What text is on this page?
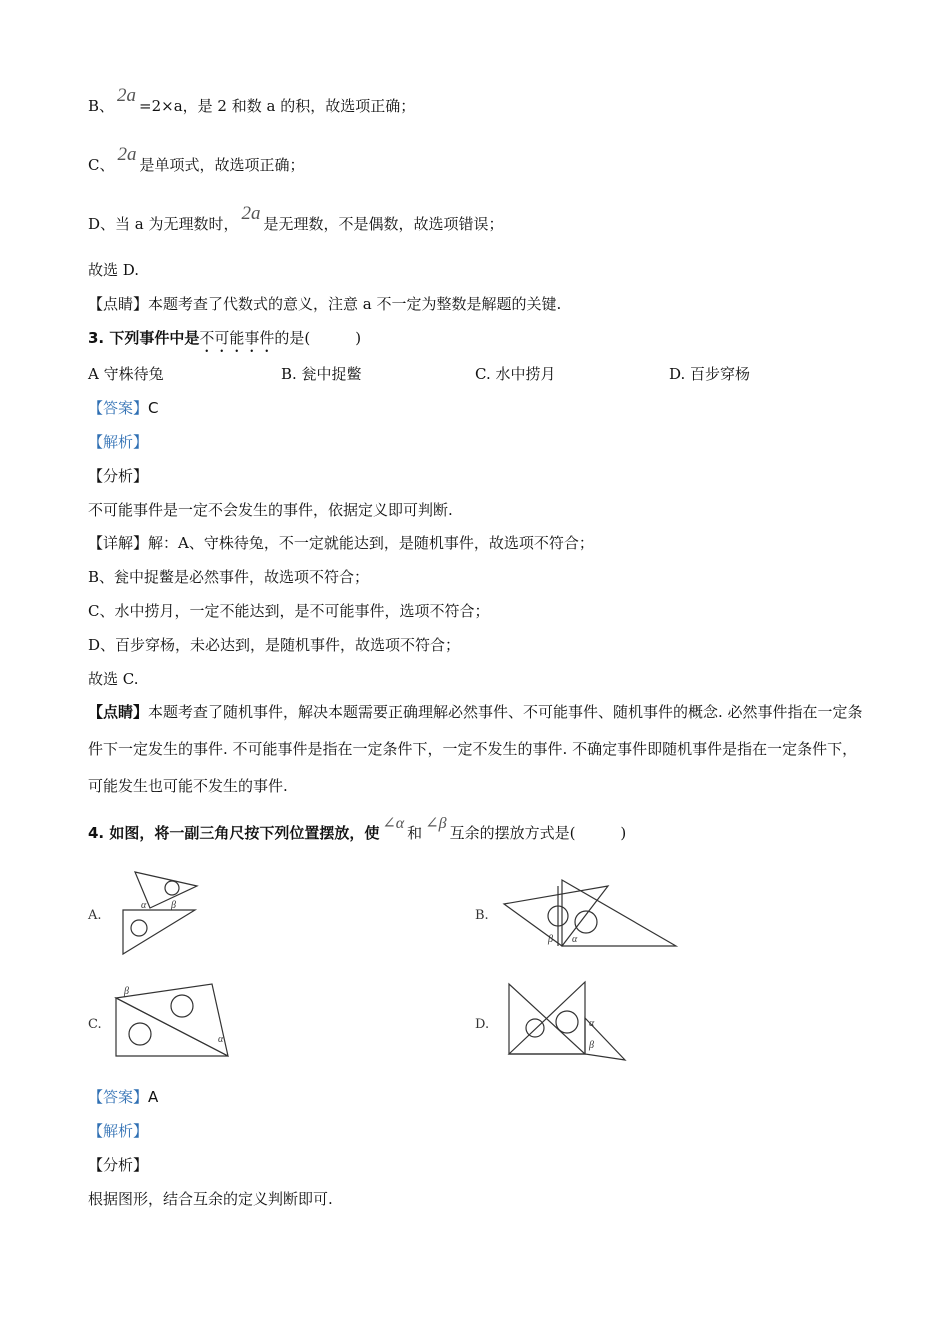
B、 2a =2×a，是 2 和数 a 的积，故选项正确；
C、 2a 是单项式，故选项正确；
D、当 a 为无理数时， 2a 是无理数，不是偶数，故选项错误；
故选 D.
【点睛】本题考查了代数式的意义，注意 a 不一定为整数是解题的关键.
3. 下列事件中是不可能事件的是(　　　)
A 守株待兔	B. 瓮中捉鳖	C. 水中捞月	D. 百步穿杨
【答案】C
【解析】
【分析】
不可能事件是一定不会发生的事件，依据定义即可判断.
【详解】解：A、守株待兔，不一定就能达到，是随机事件，故选项不符合；
B、瓮中捉鳖是必然事件，故选项不符合；
C、水中捞月，一定不能达到，是不可能事件，选项不符合；
D、百步穿杨，未必达到，是随机事件，故选项不符合；
故选 C.
【点睛】本题考查了随机事件，解决本题需要正确理解必然事件、不可能事件、随机事件的概念. 必然事件指在一定条件下一定发生的事件. 不可能事件是指在一定条件下，一定不发生的事件. 不确定事件即随机事件是指在一定条件下，可能发生也可能不发生的事件.
4. 如图，将一副三角尺按下列位置摆放，使∠α和∠β互余的摆放方式是(　　　)
A.	B.
C.	D.
α β
β α
β
α
α
β
【答案】A
【解析】
【分析】
根据图形，结合互余的定义判断即可.
